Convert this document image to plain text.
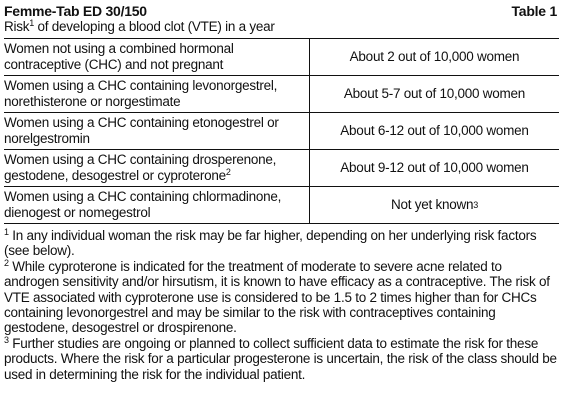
Femme-Tab ED 30/150	Table 1
Risk$^1$ of developing a blood clot (VTE) in a year
Women not using a combined hormonal contraceptive (CHC) and not pregnant
About 2 out of 10,000 women
Women using a CHC containing levonorgestrel, norethisterone or norgestimate
About 5-7 out of 10,000 women
Women using a CHC containing etonogestrel or norelgestromin
About 6-12 out of 10,000 women
Women using a CHC containing drosperenone, gestodene, desogestrel or cyproterone$^2$	About 9-12 out of 10,000 women
Women using a CHC containing chlormadinone, dienogest or nomegestrol
Not yet known 3
$^1$ In any individual woman the risk may be far higher, depending on her underlying risk factors (see below).
$^2$ While cyproterone is indicated for the treatment of moderate to severe acne related to androgen sensitivity and/or hirsutism, it is known to have efficacy as a contraceptive. The risk of VTE associated with cyproterone use is considered to be 1.5 to 2 times higher than for CHCs containing levonorgestrel and may be similar to the risk with contraceptives containing gestodene, desogestrel or drospirenone.
$^3$ Further studies are ongoing or planned to collect sufficient data to estimate the risk for these products. Where the risk for a particular progesterone is uncertain, the risk of the class should be used in determining the risk for the individual patient.
